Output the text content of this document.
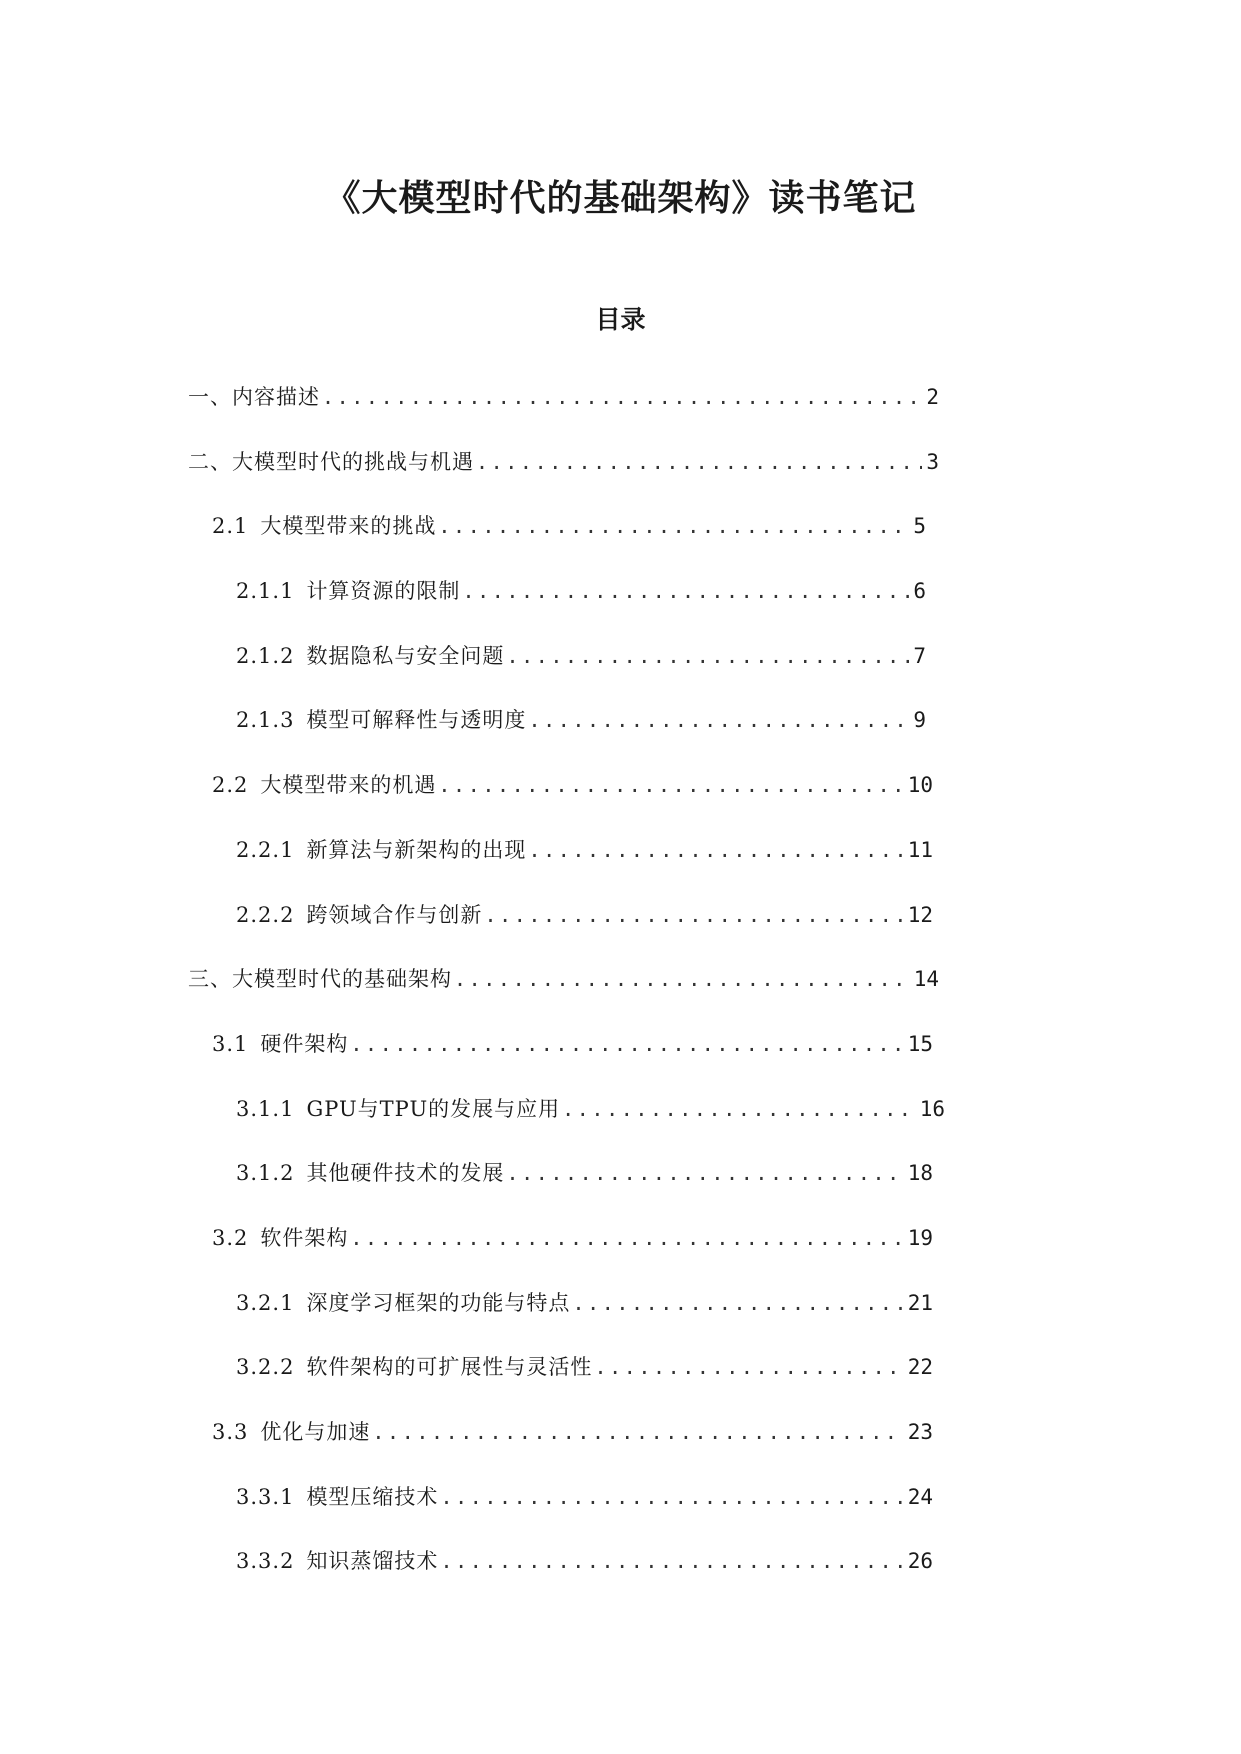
《大模型时代的基础架构》读书笔记
目录
一、 内容描述 .....	2
二、 大模型时代的挑战与机遇 .....	3
2.1 大模型带来的挑战 .....	5
2.1.1 计算资源的限制 .....	6
2.1.2 数据隐私与安全问题 .....	7
2.1.3 模型可解释性与透明度 .....	9
2.2 大模型带来的机遇 .....	10
2.2.1 新算法与新架构的出现 .....	11
2.2.2 跨领域合作与创新 .....	12
三、 大模型时代的基础架构 .....	14
3.1 硬件架构 .....	15
3.1.1 GPU与TPU的发展与应用 .....	16
3.1.2 其他硬件技术的发展 .....	18
3.2 软件架构 .....	19
3.2.1 深度学习框架的功能与特点 .....	21
3.2.2 软件架构的可扩展性与灵活性 .....	22
3.3 优化与加速 .....	23
3.3.1 模型压缩技术 .....	24
3.3.2 知识蒸馏技术 .....	26
